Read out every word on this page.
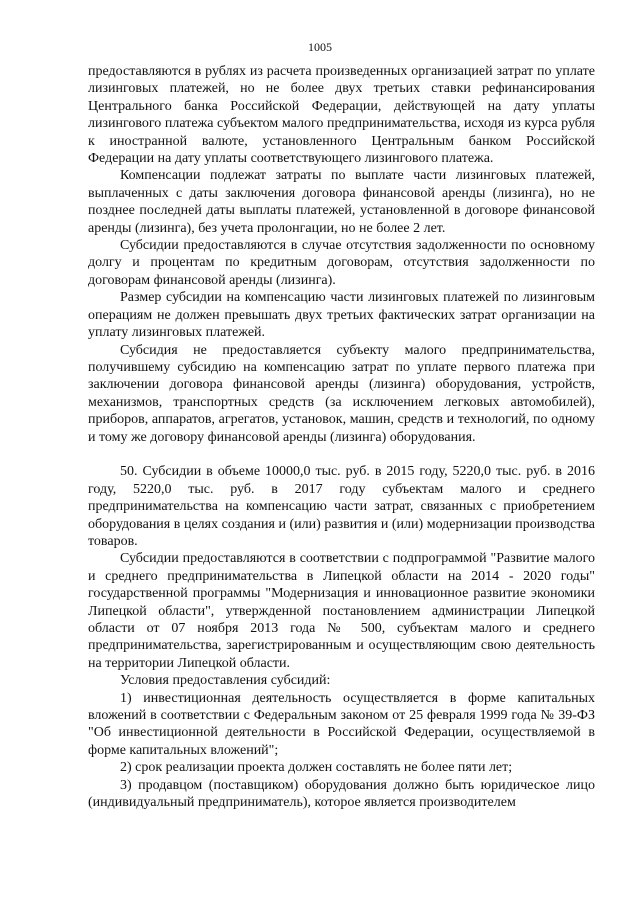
1005

предоставляются в рублях из расчета произведенных организацией затрат по уплате лизинговых платежей, но не более двух третьих ставки рефинансирования Центрального банка Российской Федерации, действующей на дату уплаты лизингового платежа субъектом малого предпринимательства, исходя из курса рубля к иностранной валюте, установленного Центральным банком Российской Федерации на дату уплаты соответствующего лизингового платежа.

Компенсации подлежат затраты по выплате части лизинговых платежей, выплаченных с даты заключения договора финансовой аренды (лизинга), но не позднее последней даты выплаты платежей, установленной в договоре финансовой аренды (лизинга), без учета пролонгации, но не более 2 лет.

Субсидии предоставляются в случае отсутствия задолженности по основному долгу и процентам по кредитным договорам, отсутствия задолженности по договорам финансовой аренды (лизинга).

Размер субсидии на компенсацию части лизинговых платежей по лизинговым операциям не должен превышать двух третьих фактических затрат организации на уплату лизинговых платежей.

Субсидия не предоставляется субъекту малого предпринимательства, получившему субсидию на компенсацию затрат по уплате первого платежа при заключении договора финансовой аренды (лизинга) оборудования, устройств, механизмов, транспортных средств (за исключением легковых автомобилей), приборов, аппаратов, агрегатов, установок, машин, средств и технологий, по одному и тому же договору финансовой аренды (лизинга) оборудования.

50. Субсидии в объеме 10000,0 тыс. руб. в 2015 году, 5220,0 тыс. руб. в 2016 году, 5220,0 тыс. руб. в 2017 году субъектам малого и среднего предпринимательства на компенсацию части затрат, связанных с приобретением оборудования в целях создания и (или) развития и (или) модернизации производства товаров.

Субсидии предоставляются в соответствии с подпрограммой "Развитие малого и среднего предпринимательства в Липецкой области на 2014 - 2020 годы" государственной программы "Модернизация и инновационное развитие экономики Липецкой области", утвержденной постановлением администрации Липецкой области от 07 ноября 2013 года № 500, субъектам малого и среднего предпринимательства, зарегистрированным и осуществляющим свою деятельность на территории Липецкой области.

Условия предоставления субсидий:

1) инвестиционная деятельность осуществляется в форме капитальных вложений в соответствии с Федеральным законом от 25 февраля 1999 года № 39-ФЗ "Об инвестиционной деятельности в Российской Федерации, осуществляемой в форме капитальных вложений";

2) срок реализации проекта должен составлять не более пяти лет;

3) продавцом (поставщиком) оборудования должно быть юридическое лицо (индивидуальный предприниматель), которое является производителем
